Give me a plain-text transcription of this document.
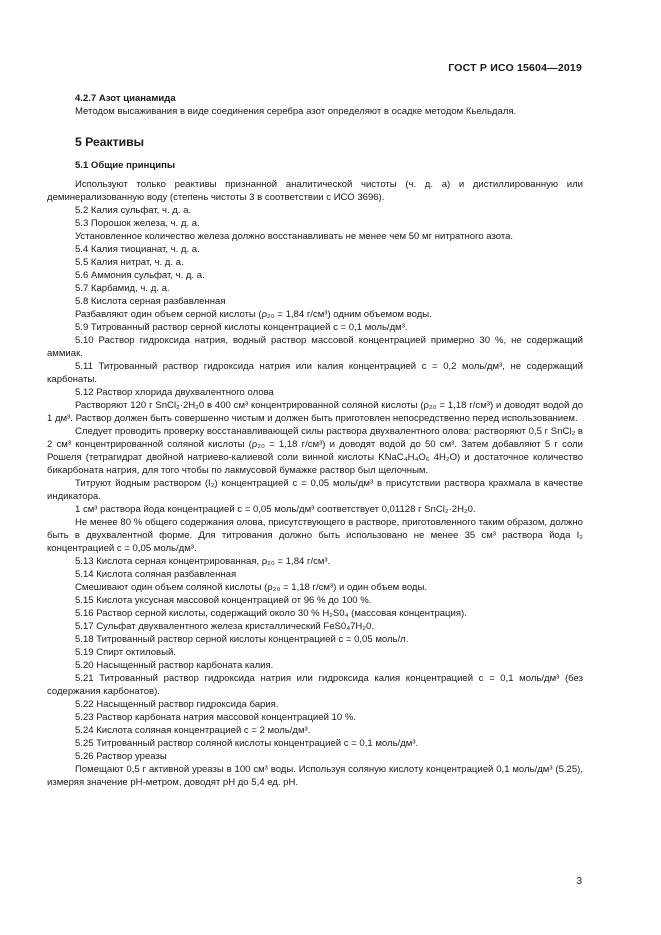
ГОСТ Р ИСО 15604—2019

4.2.7 Азот цианамида

Методом высаживания в виде соединения серебра азот определяют в осадке методом Кьельдаля.

5 Реактивы

5.1 Общие принципы

Используют только реактивы признанной аналитической чистоты (ч. д. а) и дистиллированную или деминерализованную воду (степень чистоты 3 в соответствии с ИСО 3696).

5.2 Калия сульфат, ч. д. а.

5.3 Порошок железа, ч. д. а.

Установленное количество железа должно восстанавливать не менее чем 50 мг нитратного азота.

5.4 Калия тиоцианат, ч. д. а.

5.5 Калия нитрат, ч. д. а.

5.6 Аммония сульфат, ч. д. а.

5.7 Карбамид, ч. д. а.

5.8 Кислота серная разбавленная

Разбавляют один объем серной кислоты (ρ₂₀ = 1,84 г/см³) одним объемом воды.

5.9 Титрованный раствор серной кислоты концентрацией c = 0,1 моль/дм³.

5.10 Раствор гидроксида натрия, водный раствор массовой концентрацией примерно 30 %, не содержащий аммиак.

5.11 Титрованный раствор гидроксида натрия или калия концентрацией c = 0,2 моль/дм³, не содержащий карбонаты.

5.12 Раствор хлорида двухвалентного олова

Растворяют 120 г SnCl₂·2H₂0 в 400 см³ концентрированной соляной кислоты (ρ₂₀ = 1,18 г/см³) и доводят водой до 1 дм³. Раствор должен быть совершенно чистым и должен быть приготовлен непосредственно перед использованием.

Следует проводить проверку восстанавливающей силы раствора двухвалентного олова: растворяют 0,5 г SnCl₂ в 2 см³ концентрированной соляной кислоты (ρ₂₀ = 1,18 г/см³) и доводят водой до 50 см³. Затем добавляют 5 г соли Рошеля (тетрагидрат двойной натриево-калиевой соли винной кислоты KNaC₄H₄O₆ 4H₂O) и достаточное количество бикарбоната натрия, для того чтобы по лакмусовой бумажке раствор был щелочным.

Титруют йодным раствором (I₂) концентрацией c = 0,05 моль/дм³ в присутствии раствора крахмала в качестве индикатора.

1 см³ раствора йода концентрацией c = 0,05 моль/дм³ соответствует 0,01128 г SnCl₂·2H₂0.

Не менее 80 % общего содержания олова, присутствующего в растворе, приготовленного таким образом, должно быть в двухвалентной форме. Для титрования должно быть использовано не менее 35 см³ раствора йода I₂ концентрацией c = 0,05 моль/дм³.

5.13 Кислота серная концентрированная, ρ₂₀ = 1,84 г/см³.

5.14 Кислота соляная разбавленная

Смешивают один объем соляной кислоты (ρ₂₀ = 1,18 г/см³) и один объем воды.

5.15 Кислота уксусная массовой концентрацией от 96 % до 100 %.

5.16 Раствор серной кислоты, содержащий около 30 % H₂S0₄ (массовая концентрация).

5.17 Сульфат двухвалентного железа кристаллический FeS0₄7H₂0.

5.18 Титрованный раствор серной кислоты концентрацией c = 0,05 моль/л.

5.19 Спирт октиловый.

5.20 Насыщенный раствор карбоната калия.

5.21 Титрованный раствор гидроксида натрия или гидроксида калия концентрацией c = 0,1 моль/дм³ (без содержания карбонатов).

5.22 Насыщенный раствор гидроксида бария.

5.23 Раствор карбоната натрия массовой концентрацией 10 %.

5.24 Кислота соляная концентрацией c = 2 моль/дм³.

5.25 Титрованный раствор соляной кислоты концентрацией c = 0,1 моль/дм³.

5.26 Раствор уреазы

Помещают 0,5 г активной уреазы в 100 см³ воды. Используя соляную кислоту концентрацией 0,1 моль/дм³ (5.25), измеряя значение pH-метром, доводят pH до 5,4 ед. pH.

3
